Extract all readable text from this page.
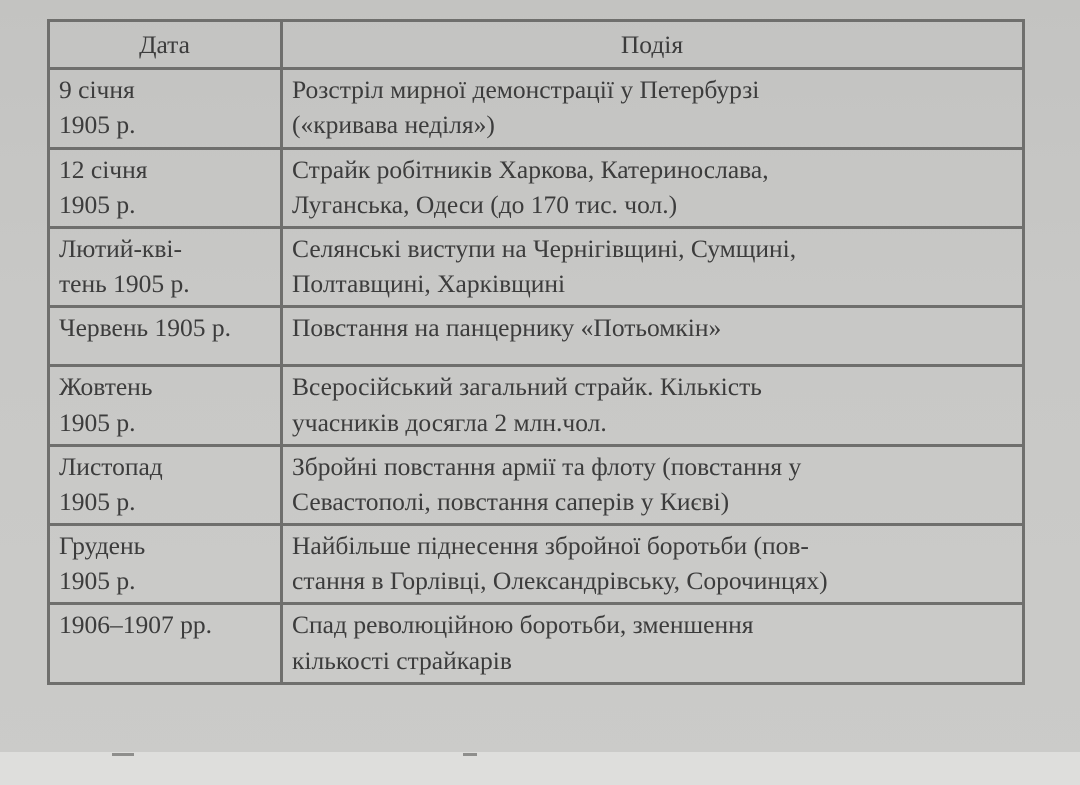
Дата	Подія

9 січня
1905 р.	Розстріл мирної демонстрації у Петербурзі
(«кривава неділя»)

12 січня
1905 р.	Страйк робітників Харкова, Катеринослава,
Луганська, Одеси (до 170 тис. чол.)

Лютий-кві-
тень 1905 р.	Селянські виступи на Чернігівщині, Сумщині,
Полтавщині, Харківщині

Червень 1905 р.	Повстання на панцернику «Потьомкін»

Жовтень
1905 р.	Всеросійський загальний страйк. Кількість
учасників досягла 2 млн.чол.

Листопад
1905 р.	Збройні повстання армії та флоту (повстання у
Севастополі, повстання саперів у Києві)

Грудень
1905 р.	Найбільше піднесення збройної боротьби (пов-
стання в Горлівці, Олександрівську, Сорочинцях)

1906–1907 рр.	Спад революційною боротьби, зменшення
кількості страйкарів
